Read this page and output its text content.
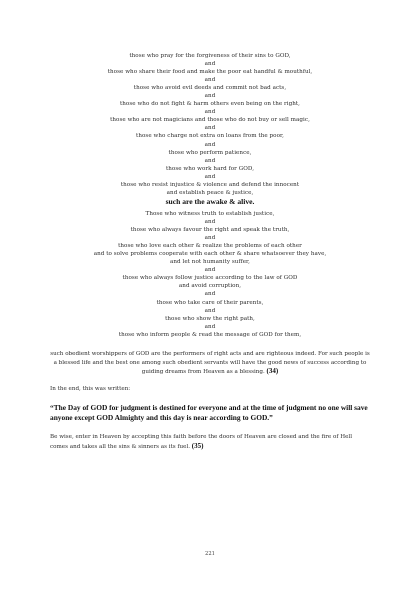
those who pray for the forgiveness of their sins to GOD,
and
those who share their food and make the poor eat handful & mouthful,
and
those who avoid evil deeds and commit not bad acts,
and
those who do not fight & harm others even being on the right,
and
those who are not magicians and those who do not buy or sell magic,
and
those who charge not extra on loans from the poor,
and
those who perform patience,
and
those who work hard for GOD,
and
those who resist injustice & violence and defend the innocent
and establish peace & justice,
such are the awake & alive.
Those who witness truth to establish justice,
and
those who always favour the right and speak the truth,
and
those who love each other & realize the problems of each other
and to solve problems cooperate with each other & share whatsoever they have,
and let not humanity suffer,
and
those who always follow justice according to the law of GOD
and avoid corruption,
and
those who take care of their parents,
and
those who show the right path,
and
those who inform people & read the message of GOD for them,
such obedient worshippers of GOD are the performers of right acts and are righteous indeed. For such people is a blessed life and the best one among such obedient servants will have the good news of success according to guiding dreams from Heaven as a blessing. (34)
In the end, this was written:
“The Day of GOD for judgment is destined for everyone and at the time of judgment no one will save anyone except GOD Almighty and this day is near according to GOD.”
Be wise, enter in Heaven by accepting this faith before the doors of Heaven are closed and the fire of Hell comes and takes all the sins & sinners as its fuel. (35)
221
